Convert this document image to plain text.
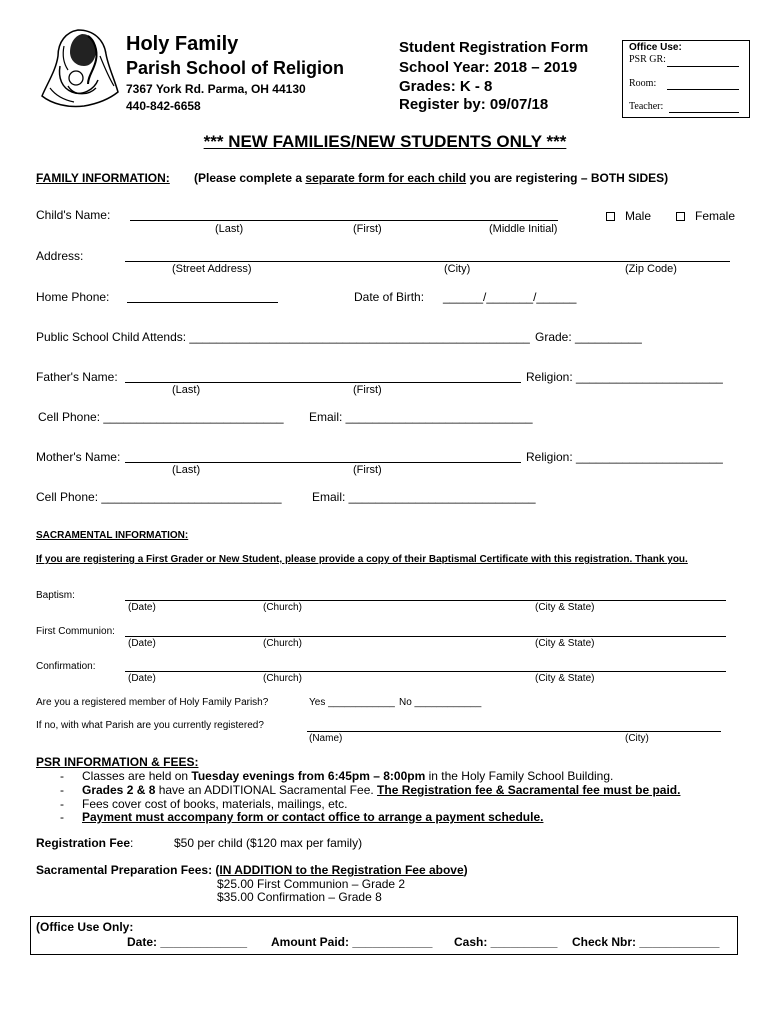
Holy Family
Parish School of Religion
7367 York Rd. Parma, OH 44130
440-842-6658
Student Registration Form
School Year: 2018 – 2019
Grades: K - 8
Register by: 09/07/18
Office Use:
PSR GR:
Room:
Teacher:
*** NEW FAMILIES/NEW STUDENTS ONLY ***
FAMILY INFORMATION: (Please complete a separate form for each child you are registering – BOTH SIDES)
Child's Name:
(Last)	(First)	(Middle Initial)
Male	Female
Address:
(Street Address)	(City)	(Zip Code)
Home Phone:	Date of Birth: ______/_______/______
Public School Child Attends: ___________________________________________________ Grade: __________
Father's Name:	Religion: ______________________
(Last)	(First)
Cell Phone: ___________________________ Email: ____________________________
Mother's Name:	Religion: ______________________
(Last)	(First)
Cell Phone: ___________________________	Email: ____________________________
SACRAMENTAL INFORMATION:
If you are registering a First Grader or New Student, please provide a copy of their Baptismal Certificate with this registration. Thank you.
Baptism:
(Date)	(Church)	(City & State)
First Communion:
(Date)	(Church)	(City & State)
Confirmation:
(Date)	(Church)	(City & State)
Are you a registered member of Holy Family Parish?	Yes ____________ No ____________
If no, with what Parish are you currently registered?
(Name)	(City)
PSR INFORMATION & FEES:
- Classes are held on Tuesday evenings from 6:45pm – 8:00pm in the Holy Family School Building.
- Grades 2 & 8 have an ADDITIONAL Sacramental Fee. The Registration fee & Sacramental fee must be paid.
- Fees cover cost of books, materials, mailings, etc.
- Payment must accompany form or contact office to arrange a payment schedule.
Registration Fee:	$50 per child ($120 max per family)
Sacramental Preparation Fees: (IN ADDITION to the Registration Fee above)
$25.00 First Communion – Grade 2
$35.00 Confirmation – Grade 8
(Office Use Only:
Date: _____________ Amount Paid: ____________ Cash: __________ Check Nbr: ____________
